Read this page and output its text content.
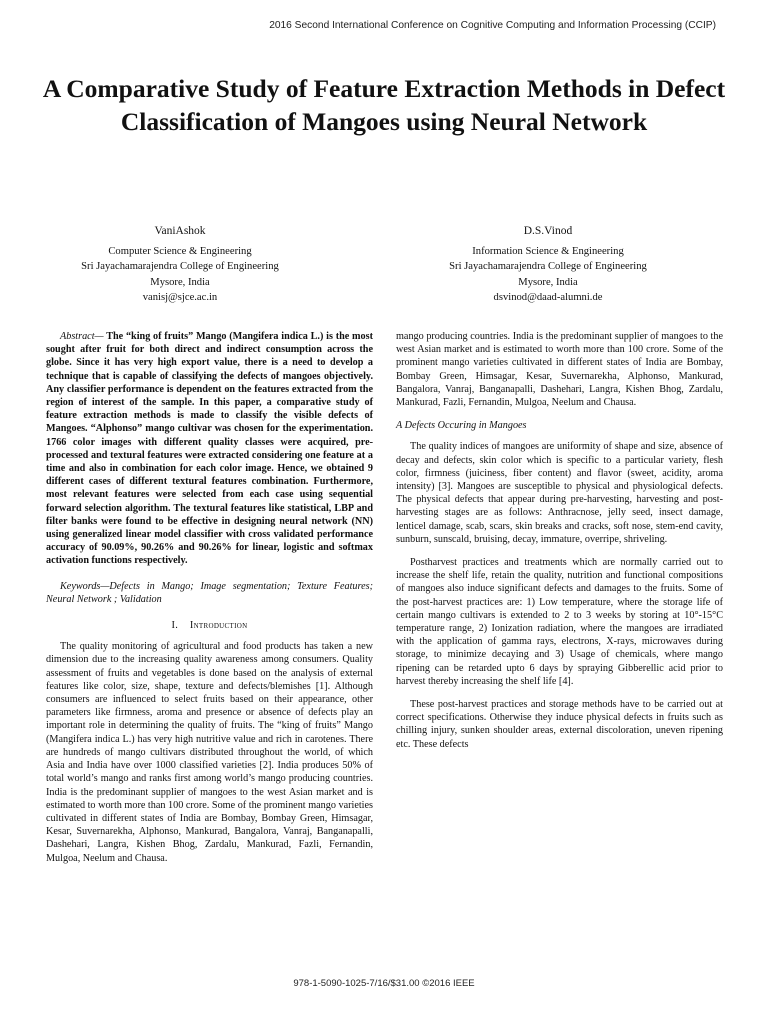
2016 Second International Conference on Cognitive Computing and Information Processing (CCIP)
A Comparative Study of Feature Extraction Methods in Defect Classification of Mangoes using Neural Network
VaniAshok
Computer Science & Engineering
Sri Jayachamarajendra College of Engineering
Mysore, India
vanisj@sjce.ac.in
D.S.Vinod
Information Science & Engineering
Sri Jayachamarajendra College of Engineering
Mysore, India
dsvinod@daad-alumni.de

Abstract— The “king of fruits” Mango (Mangifera indica L.) is the most sought after fruit for both direct and indirect consumption across the globe. Since it has very high export value, there is a need to develop a technique that is capable of classifying the defects of mangoes objectively. Any classifier performance is dependent on the features extracted from the region of interest of the sample. In this paper, a comparative study of feature extraction methods is made to classify the visible defects of Mangoes. “Alphonso” mango cultivar was chosen for the experimentation. 1766 color images with different quality classes were acquired, pre-processed and textural features were extracted considering one feature at a time and also in combination for each color image. Hence, we obtained 9 different cases of different textural features combination. Furthermore, most relevant features were selected from each case using sequential forward selection algorithm. The textural features like statistical, LBP and filter banks were found to be effective in designing neural network (NN) using generalized linear model classifier with cross validated performance accuracy of 90.09%, 90.26% and 90.26% for linear, logistic and softmax activation functions respectively.

Keywords—Defects in Mango; Image segmentation; Texture Features; Neural Network ; Validation

I. Introduction

The quality monitoring of agricultural and food products has taken a new dimension due to the increasing quality awareness among consumers. Quality assessment of fruits and vegetables is done based on the analysis of external features like color, size, shape, texture and defects/blemishes [1]. Although consumers are influenced to select fruits based on their appearance, other parameters like firmness, aroma and presence or absence of defects play an important role in determining the quality of fruits. The “king of fruits” Mango (Mangifera indica L.) has very high nutritive value and rich in carotenes. There are hundreds of mango cultivars distributed throughout the world, of which Asia and India have over 1000 classified varieties [2]. India produces 50% of total world’s mango and ranks first among world’s mango producing countries. India is the predominant supplier of mangoes to the west Asian market and is estimated to worth more than 100 crore. Some of the prominent mango varieties cultivated in different states of India are Bombay, Bombay Green, Himsagar, Kesar, Suvernarekha, Alphonso, Mankurad, Bangalora, Vanraj, Banganapalli, Dashehari, Langra, Kishen Bhog, Zardalu, Mankurad, Fazli, Fernandin, Mulgoa, Neelum and Chausa.

mango producing countries. India is the predominant supplier of mangoes to the west Asian market and is estimated to worth more than 100 crore. Some of the prominent mango varieties cultivated in different states of India are Bombay, Bombay Green, Himsagar, Kesar, Suvernarekha, Alphonso, Mankurad, Bangalora, Vanraj, Banganapalli, Dashehari, Langra, Kishen Bhog, Zardalu, Mankurad, Fazli, Fernandin, Mulgoa, Neelum and Chausa.

A Defects Occuring in Mangoes

The quality indices of mangoes are uniformity of shape and size, absence of decay and defects, skin color which is specific to a particular variety, flesh color, firmness (juiciness, fiber content) and flavor (sweet, acidity, aroma intensity) [3]. Mangoes are susceptible to physical and physiological defects. The physical defects that appear during pre-harvesting, harvesting and post-harvesting stages are as follows: Anthracnose, jelly seed, insect damage, lenticel damage, scab, scars, skin breaks and cracks, soft nose, stem-end cavity, sunburn, sunscald, bruising, decay, immature, overripe, shriveling.

Postharvest practices and treatments which are normally carried out to increase the shelf life, retain the quality, nutrition and functional compositions of mangoes also induce significant defects and damages to the fruits. Some of the post-harvest practices are: 1) Low temperature, where the storage life of certain mango cultivars is extended to 2 to 3 weeks by storing at 10°-15°C temperature range, 2) Ionization radiation, where the mangoes are irradiated with the application of gamma rays, electrons, X-rays, microwaves during storage, to minimize decaying and 3) Usage of chemicals, where mango ripening can be retarded upto 6 days by spraying Gibberellic acid prior to harvest thereby increasing the shelf life [4].

These post-harvest practices and storage methods have to be carried out at correct specifications. Otherwise they induce physical defects in fruits such as chilling injury, sunken shoulder areas, external discoloration, uneven ripening etc. These defects

978-1-5090-1025-7/16/$31.00 ©2016 IEEE
